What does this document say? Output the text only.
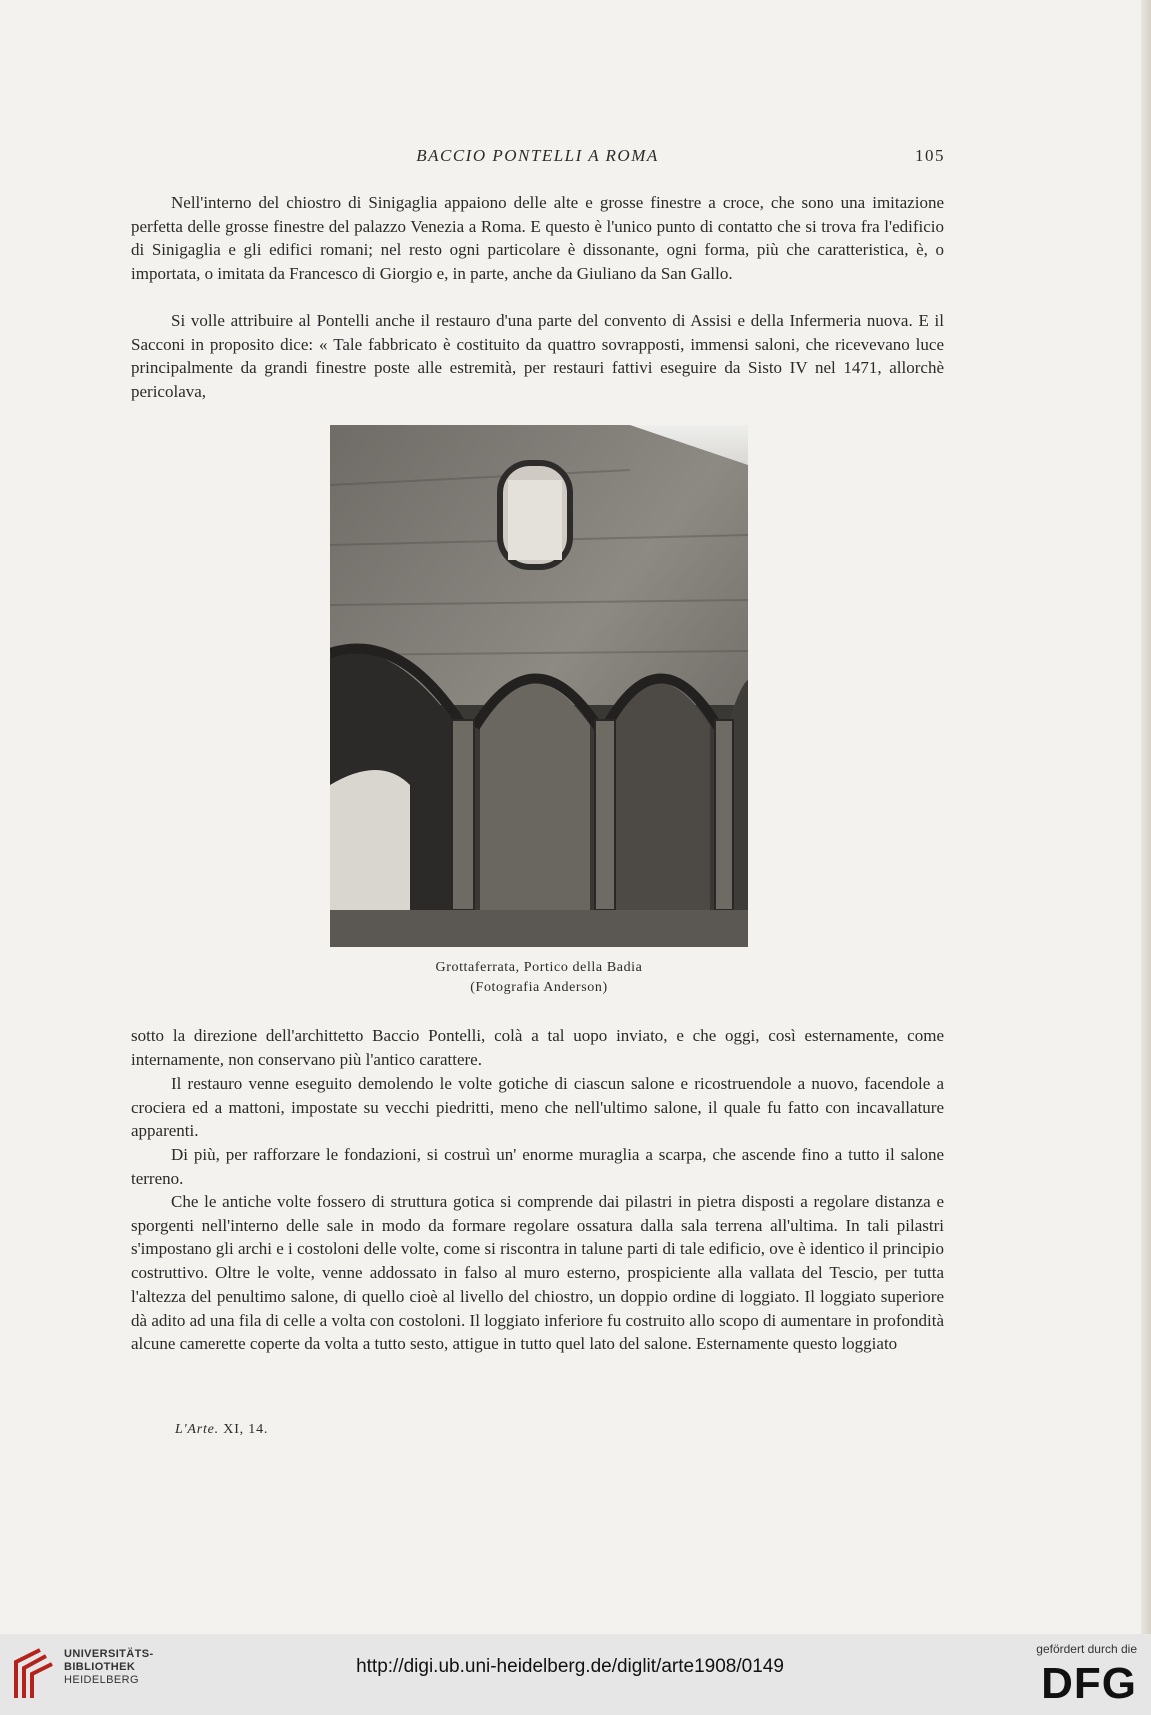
BACCIO PONTELLI A ROMA	105

Nell'interno del chiostro di Sinigaglia appaiono delle alte e grosse finestre a croce, che sono una imitazione perfetta delle grosse finestre del palazzo Venezia a Roma. E questo è l'unico punto di contatto che si trova fra l'edificio di Sinigaglia e gli edifici romani; nel resto ogni particolare è dissonante, ogni forma, più che caratteristica, è, o importata, o imitata da Francesco di Giorgio e, in parte, anche da Giuliano da San Gallo.

Si volle attribuire al Pontelli anche il restauro d'una parte del convento di Assisi e della Infermeria nuova. E il Sacconi in proposito dice: « Tale fabbricato è costituito da quattro sovrapposti, immensi saloni, che ricevevano luce principalmente da grandi finestre poste alle estremità, per restauri fattivi eseguire da Sisto IV nel 1471, allorchè pericolava,

Grottaferrata, Portico della Badia
(Fotografia Anderson)

sotto la direzione dell'archittetto Baccio Pontelli, colà a tal uopo inviato, e che oggi, così esternamente, come internamente, non conservano più l'antico carattere.

Il restauro venne eseguito demolendo le volte gotiche di ciascun salone e ricostruendole a nuovo, facendole a crociera ed a mattoni, impostate su vecchi piedritti, meno che nell'ultimo salone, il quale fu fatto con incavallature apparenti.

Di più, per rafforzare le fondazioni, si costruì un' enorme muraglia a scarpa, che ascende fino a tutto il salone terreno.

Che le antiche volte fossero di struttura gotica si comprende dai pilastri in pietra disposti a regolare distanza e sporgenti nell'interno delle sale in modo da formare regolare ossatura dalla sala terrena all'ultima. In tali pilastri s'impostano gli archi e i costoloni delle volte, come si riscontra in talune parti di tale edificio, ove è identico il principio costruttivo. Oltre le volte, venne addossato in falso al muro esterno, prospiciente alla vallata del Tescio, per tutta l'altezza del penultimo salone, di quello cioè al livello del chiostro, un doppio ordine di loggiato. Il loggiato superiore dà adito ad una fila di celle a volta con costoloni. Il loggiato inferiore fu costruito allo scopo di aumentare in profondità alcune camerette coperte da volta a tutto sesto, attigue in tutto quel lato del salone. Esternamente questo loggiato

L'Arte. XI, 14.
UNIVERSITÄTS-
BIBLIOTHEK
HEIDELBERG
http://digi.ub.uni-heidelberg.de/diglit/arte1908/0149
gefördert durch die
DFG
